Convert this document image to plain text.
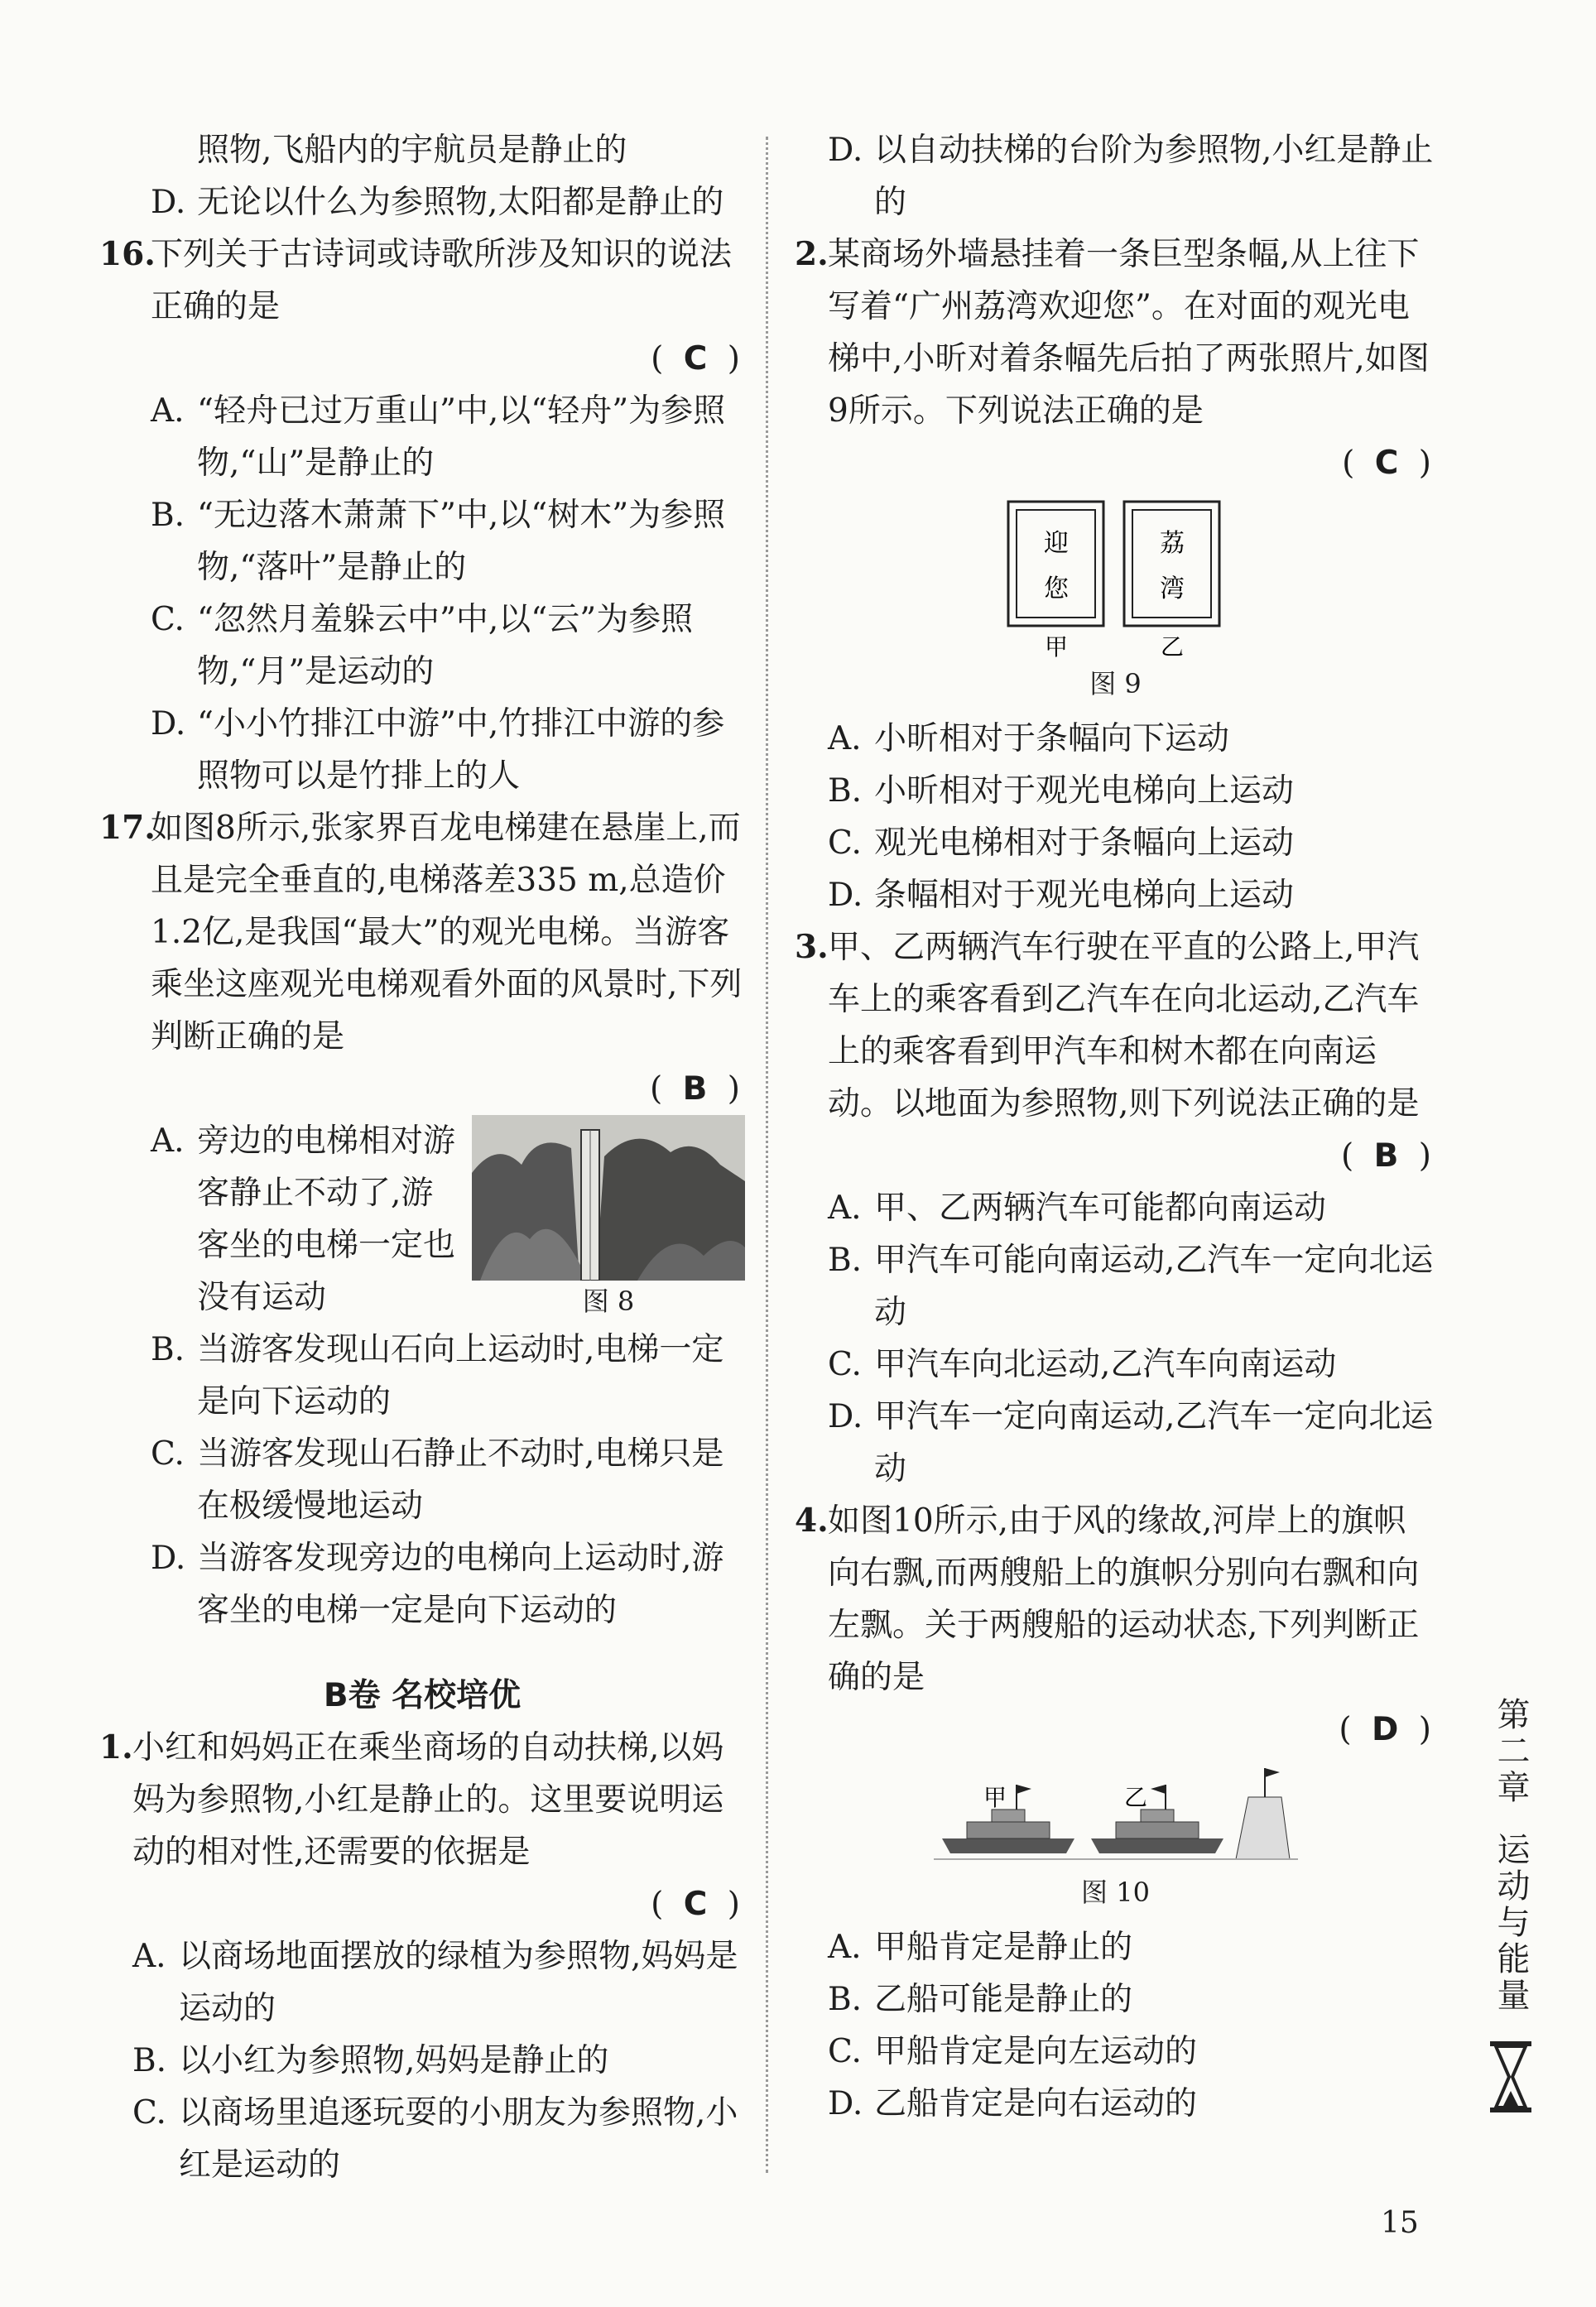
照物,飞船内的宇航员是静止的
D. 无论以什么为参照物,太阳都是静止的
16.
下列关于古诗词或诗歌所涉及知识的说法正确的是
( C )
A. “轻舟已过万重山”中,以“轻舟”为参照物,“山”是静止的
B. “无边落木萧萧下”中,以“树木”为参照物,“落叶”是静止的
C. “忽然月羞躲云中”中,以“云”为参照物,“月”是运动的
D. “小小竹排江中游”中,竹排江中游的参照物可以是竹排上的人
17.
如图8所示,张家界百龙电梯建在悬崖上,而且是完全垂直的,电梯落差335 m,总造价1.2亿,是我国“最大”的观光电梯。当游客乘坐这座观光电梯观看外面的风景时,下列判断正确的是
( B )
A. 旁边的电梯相对游客静止不动了,游客坐的电梯一定也没有运动	图 8
B. 当游客发现山石向上运动时,电梯一定是向下运动的
C. 当游客发现山石静止不动时,电梯只是在极缓慢地运动
D. 当游客发现旁边的电梯向上运动时,游客坐的电梯一定是向下运动的
B卷 名校培优
1. 小红和妈妈正在乘坐商场的自动扶梯,以妈妈为参照物,小红是静止的。这里要说明运动的相对性,还需要的依据是
( C )
A. 以商场地面摆放的绿植为参照物,妈妈是运动的
B. 以小红为参照物,妈妈是静止的
C. 以商场里追逐玩耍的小朋友为参照物,小红是运动的
D. 以自动扶梯的台阶为参照物,小红是静止的
2. 某商场外墙悬挂着一条巨型条幅,从上往下写着“广州荔湾欢迎您”。在对面的观光电梯中,小昕对着条幅先后拍了两张照片,如图9所示。下列说法正确的是
( C )
迎
您
荔
湾
甲	乙
图 9
A. 小昕相对于条幅向下运动
B. 小昕相对于观光电梯向上运动
C. 观光电梯相对于条幅向上运动
D. 条幅相对于观光电梯向上运动
3. 甲、乙两辆汽车行驶在平直的公路上,甲汽车上的乘客看到乙汽车在向北运动,乙汽车上的乘客看到甲汽车和树木都在向南运动。以地面为参照物,则下列说法正确的是
( B )
A. 甲、乙两辆汽车可能都向南运动
B. 甲汽车可能向南运动,乙汽车一定向北运动
C. 甲汽车向北运动,乙汽车向南运动
D. 甲汽车一定向南运动,乙汽车一定向北运动
4. 如图10所示,由于风的缘故,河岸上的旗帜向右飘,而两艘船上的旗帜分别向右飘和向左飘。关于两艘船的运动状态,下列判断正确的是
( D )
甲	乙
图 10
A. 甲船肯定是静止的
B. 乙船可能是静止的
C. 甲船肯定是向左运动的
D. 乙船肯定是向右运动的
第二章
运动与能量
15
